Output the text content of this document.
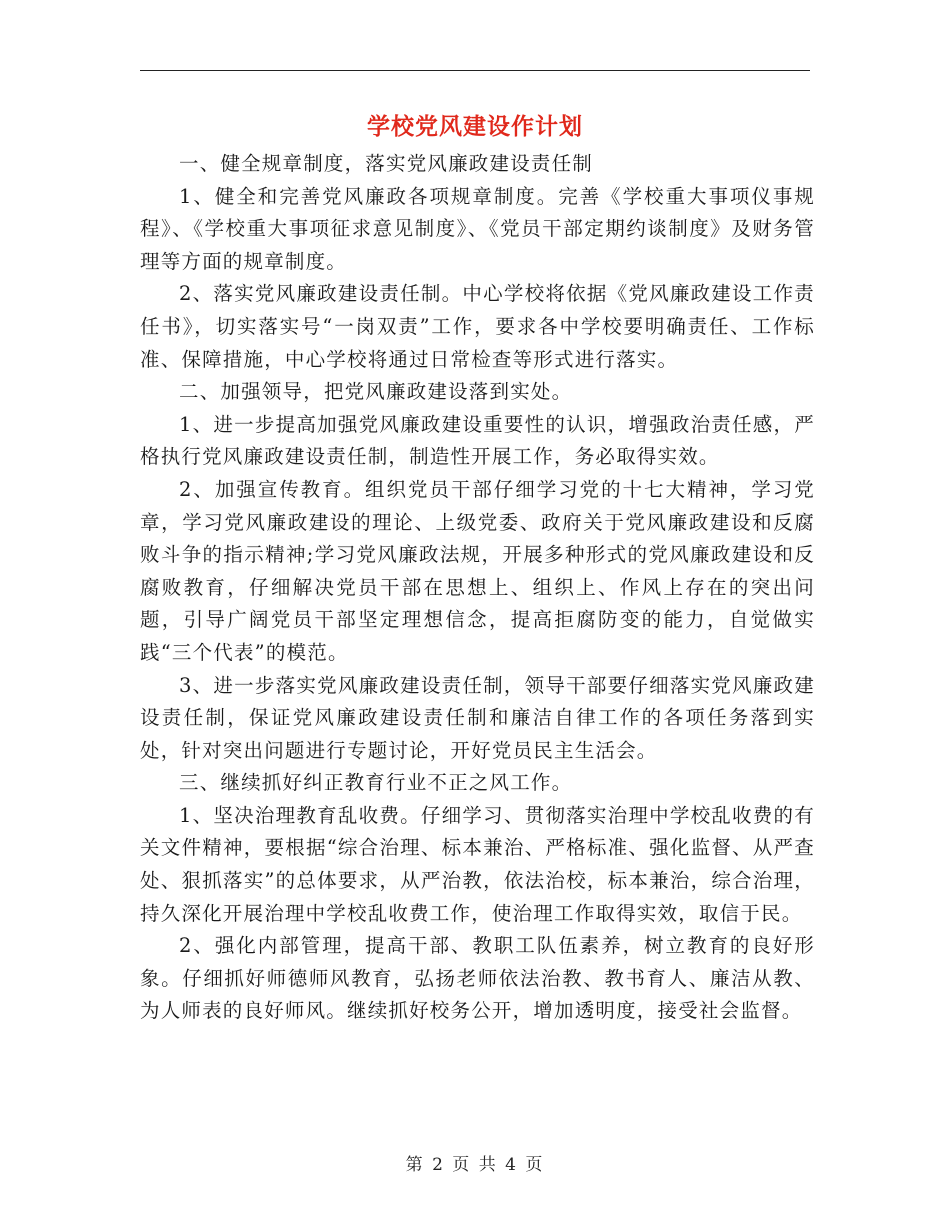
学校党风建设作计划

一、健全规章制度，落实党风廉政建设责任制

1、健全和完善党风廉政各项规章制度。完善《学校重大事项仪事规程》、《学校重大事项征求意见制度》、《党员干部定期约谈制度》及财务管理等方面的规章制度。

2、落实党风廉政建设责任制。中心学校将依据《党风廉政建设工作责任书》，切实落实号“一岗双责”工作，要求各中学校要明确责任、工作标准、保障措施，中心学校将通过日常检查等形式进行落实。

二、加强领导，把党风廉政建设落到实处。

1、进一步提高加强党风廉政建设重要性的认识，增强政治责任感，严格执行党风廉政建设责任制，制造性开展工作，务必取得实效。

2、加强宣传教育。组织党员干部仔细学习党的十七大精神，学习党章，学习党风廉政建设的理论、上级党委、政府关于党风廉政建设和反腐败斗争的指示精神;学习党风廉政法规，开展多种形式的党风廉政建设和反腐败教育，仔细解决党员干部在思想上、组织上、作风上存在的突出问题，引导广阔党员干部坚定理想信念，提高拒腐防变的能力，自觉做实践“三个代表”的模范。

3、进一步落实党风廉政建设责任制，领导干部要仔细落实党风廉政建设责任制，保证党风廉政建设责任制和廉洁自律工作的各项任务落到实处，针对突出问题进行专题讨论，开好党员民主生活会。

三、继续抓好纠正教育行业不正之风工作。

1、坚决治理教育乱收费。仔细学习、贯彻落实治理中学校乱收费的有关文件精神，要根据“综合治理、标本兼治、严格标准、强化监督、从严查处、狠抓落实”的总体要求，从严治教，依法治校，标本兼治，综合治理，持久深化开展治理中学校乱收费工作，使治理工作取得实效，取信于民。

2、强化内部管理，提高干部、教职工队伍素养，树立教育的良好形象。仔细抓好师德师风教育，弘扬老师依法治教、教书育人、廉洁从教、为人师表的良好师风。继续抓好校务公开，增加透明度，接受社会监督。

第 2 页 共 4 页
